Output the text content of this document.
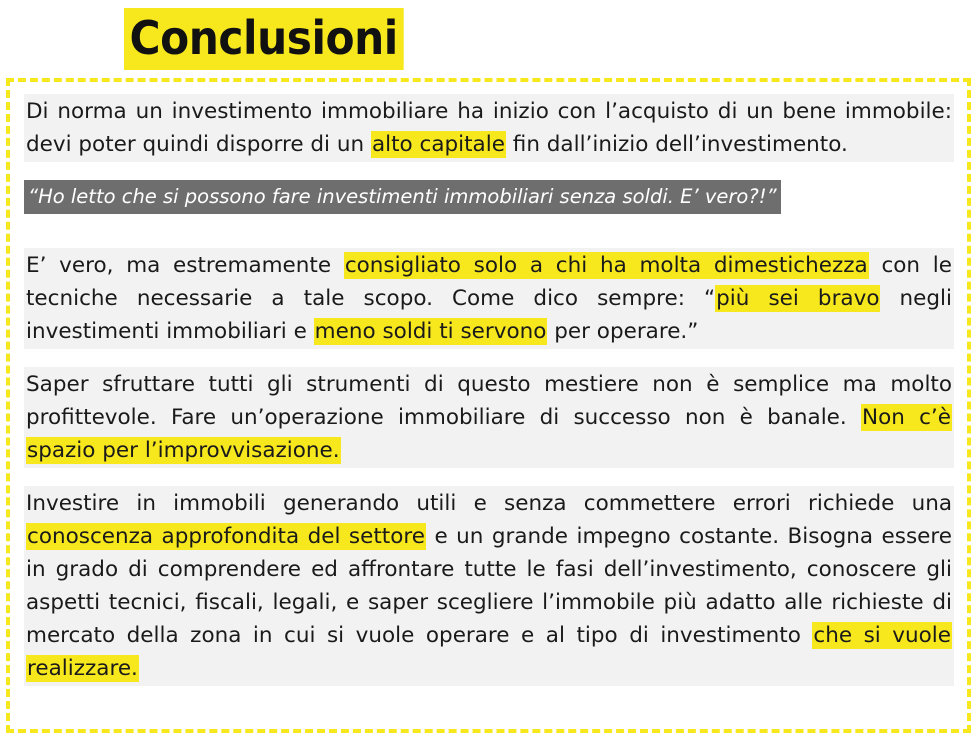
Conclusioni

Di norma un investimento immobiliare ha inizio con l’acquisto di un bene immobile: devi poter quindi disporre di un alto capitale fin dall’inizio dell’investimento.

“Ho letto che si possono fare investimenti immobiliari senza soldi. E’ vero?!”

E’ vero, ma estremamente consigliato solo a chi ha molta dimestichezza con le tecniche necessarie a tale scopo. Come dico sempre: “più sei bravo negli investimenti immobiliari e meno soldi ti servono per operare.”

Saper sfruttare tutti gli strumenti di questo mestiere non è semplice ma molto profittevole. Fare un’operazione immobiliare di successo non è banale. Non c’è spazio per l’improvvisazione.

Investire in immobili generando utili e senza commettere errori richiede una conoscenza approfondita del settore e un grande impegno costante. Bisogna essere in grado di comprendere ed affrontare tutte le fasi dell’investimento, conoscere gli aspetti tecnici, fiscali, legali, e saper scegliere l’immobile più adatto alle richieste di mercato della zona in cui si vuole operare e al tipo di investimento che si vuole realizzare.
